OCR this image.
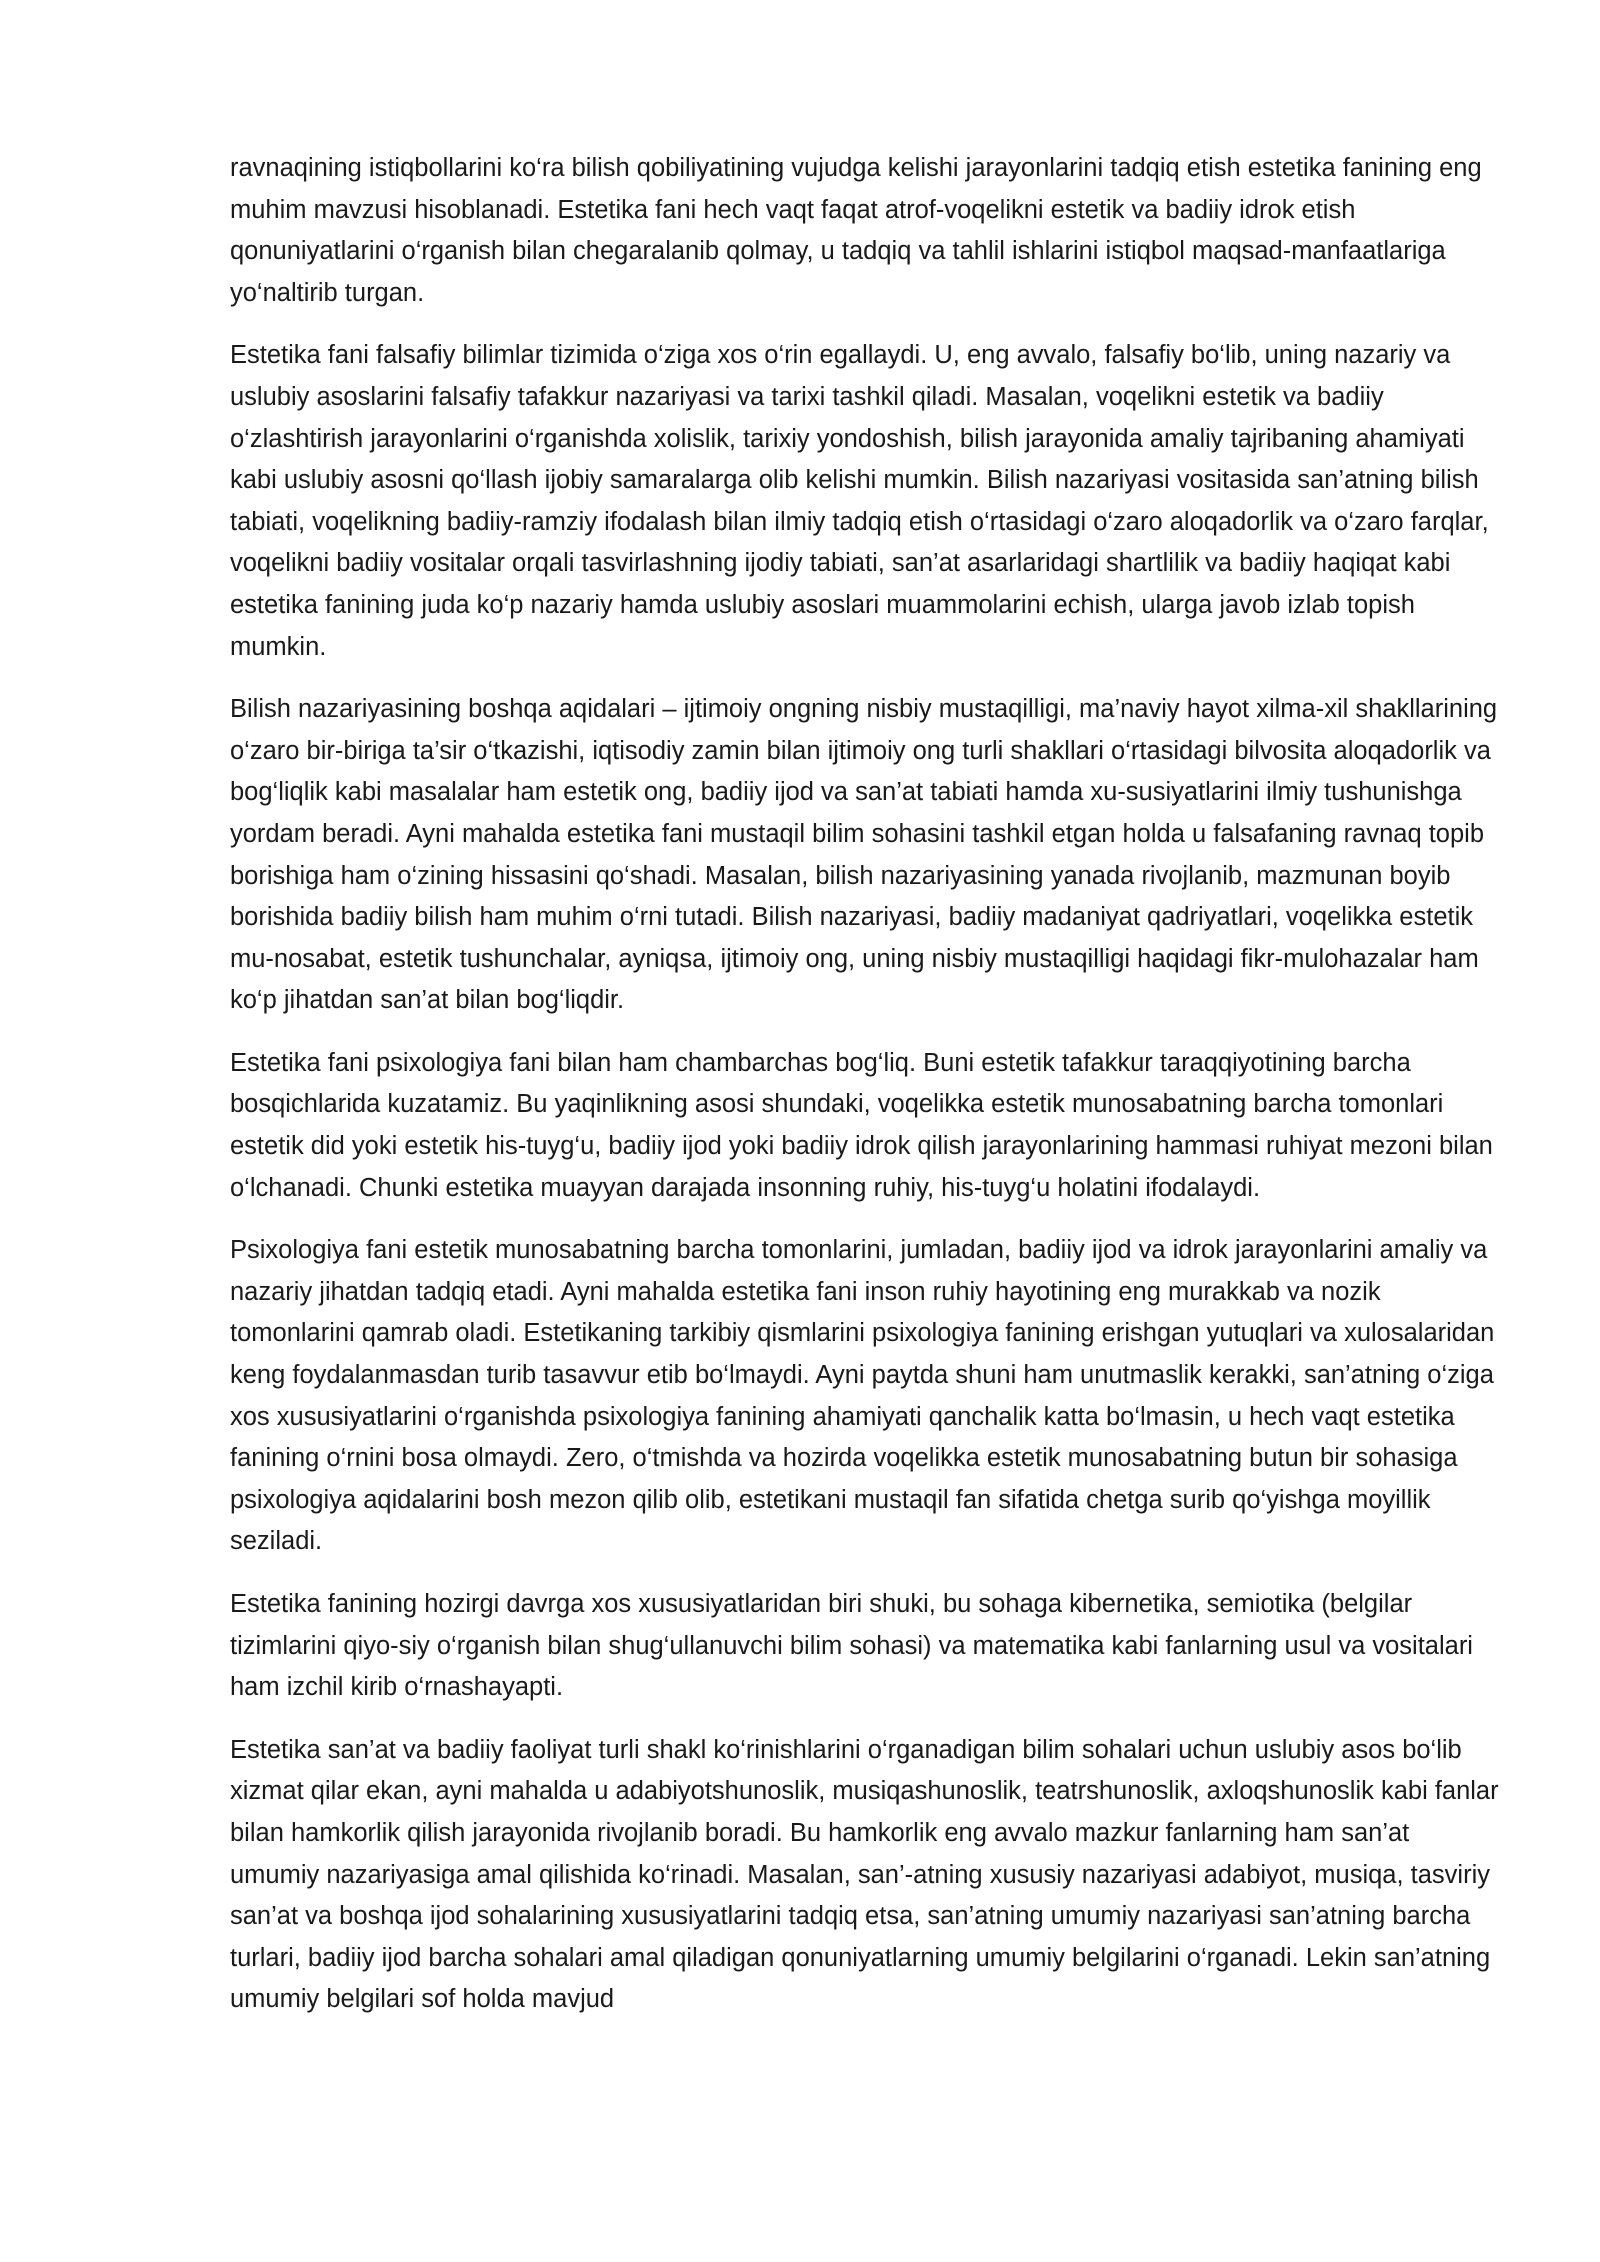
ravnaqining istiqbollarini ko‘ra bilish qobiliyatining vujudga kelishi jarayonlarini tadqiq etish estetika fanining eng muhim mavzusi hisoblanadi. Estetika fani hech vaqt faqat atrof-voqelikni estetik va badiiy idrok etish qonuniyatlarini o‘rganish bilan chegaralanib qolmay, u tadqiq va tahlil ishlarini istiqbol maqsad-manfaatlariga yo‘naltirib turgan.

Estetika fani falsafiy bilimlar tizimida o‘ziga xos o‘rin egallaydi. U, eng avvalo, falsafiy bo‘lib, uning nazariy va uslubiy asoslarini falsafiy tafakkur nazariyasi va tarixi tashkil qiladi. Masalan, voqelikni estetik va badiiy o‘zlashtirish jarayonlarini o‘rganishda xolislik, tarixiy yondoshish, bilish jarayonida amaliy tajribaning ahamiyati kabi uslubiy asosni qo‘llash ijobiy samaralarga olib kelishi mumkin. Bilish nazariyasi vositasida san’atning bilish tabiati, voqelikning badiiy-ramziy ifodalash bilan ilmiy tadqiq etish o‘rtasidagi o‘zaro aloqadorlik va o‘zaro farqlar, voqelikni badiiy vositalar orqali tasvirlashning ijodiy tabiati, san’at asarlaridagi shartlilik va badiiy haqiqat kabi estetika fanining juda ko‘p nazariy hamda uslubiy asoslari muammolarini echish, ularga javob izlab topish mumkin.

Bilish nazariyasining boshqa aqidalari – ijtimoiy ongning nisbiy mustaqilligi, ma’naviy hayot xilma-xil shakllarining o‘zaro bir-biriga ta’sir o‘tkazishi, iqtisodiy zamin bilan ijtimoiy ong turli shakllari o‘rtasidagi bilvosita aloqadorlik va bog‘liqlik kabi masalalar ham estetik ong, badiiy ijod va san’at tabiati hamda xu-susiyatlarini ilmiy tushunishga yordam beradi. Ayni mahalda estetika fani mustaqil bilim sohasini tashkil etgan holda u falsafaning ravnaq topib borishiga ham o‘zining hissasini qo‘shadi. Masalan, bilish nazariyasining yanada rivojlanib, mazmunan boyib borishida badiiy bilish ham muhim o‘rni tutadi. Bilish nazariyasi, badiiy madaniyat qadriyatlari, voqelikka estetik mu-nosabat, estetik tushunchalar, ayniqsa, ijtimoiy ong, uning nisbiy mustaqilligi haqidagi fikr-mulohazalar ham ko‘p jihatdan san’at bilan bog‘liqdir.

Estetika fani psixologiya fani bilan ham chambarchas bog‘liq. Buni estetik tafakkur taraqqiyotining barcha bosqichlarida kuzatamiz. Bu yaqinlikning asosi shundaki, voqelikka estetik munosabatning barcha tomonlari estetik did yoki estetik his-tuyg‘u, badiiy ijod yoki badiiy idrok qilish jarayonlarining hammasi ruhiyat mezoni bilan o‘lchanadi. Chunki estetika muayyan darajada insonning ruhiy, his-tuyg‘u holatini ifodalaydi.

Psixologiya fani estetik munosabatning barcha tomonlarini, jumladan, badiiy ijod va idrok jarayonlarini amaliy va nazariy jihatdan tadqiq etadi. Ayni mahalda estetika fani inson ruhiy hayotining eng murakkab va nozik tomonlarini qamrab oladi. Estetikaning tarkibiy qismlarini psixologiya fanining erishgan yutuqlari va xulosalaridan keng foydalanmasdan turib tasavvur etib bo‘lmaydi. Ayni paytda shuni ham unutmaslik kerakki, san’atning o‘ziga xos xususiyatlarini o‘rganishda psixologiya fanining ahamiyati qanchalik katta bo‘lmasin, u hech vaqt estetika fanining o‘rnini bosa olmaydi. Zero, o‘tmishda va hozirda voqelikka estetik munosabatning butun bir sohasiga psixologiya aqidalarini bosh mezon qilib olib, estetikani mustaqil fan sifatida chetga surib qo‘yishga moyillik seziladi.

Estetika fanining hozirgi davrga xos xususiyatlaridan biri shuki, bu sohaga kibernetika, semiotika (belgilar tizimlarini qiyo-siy o‘rganish bilan shug‘ullanuvchi bilim sohasi) va matematika kabi fanlarning usul va vositalari ham izchil kirib o‘rnashayapti.

Estetika san’at va badiiy faoliyat turli shakl ko‘rinishlarini o‘rganadigan bilim sohalari uchun uslubiy asos bo‘lib xizmat qilar ekan, ayni mahalda u adabiyotshunoslik, musiqashunoslik, teatrshunoslik, axloqshunoslik kabi fanlar bilan hamkorlik qilish jarayonida rivojlanib boradi. Bu hamkorlik eng avvalo mazkur fanlarning ham san’at umumiy nazariyasiga amal qilishida ko‘rinadi. Masalan, san’-atning xususiy nazariyasi adabiyot, musiqa, tasviriy san’at va boshqa ijod sohalarining xususiyatlarini tadqiq etsa, san’atning umumiy nazariyasi san’atning barcha turlari, badiiy ijod barcha sohalari amal qiladigan qonuniyatlarning umumiy belgilarini o‘rganadi. Lekin san’atning umumiy belgilari sof holda mavjud
